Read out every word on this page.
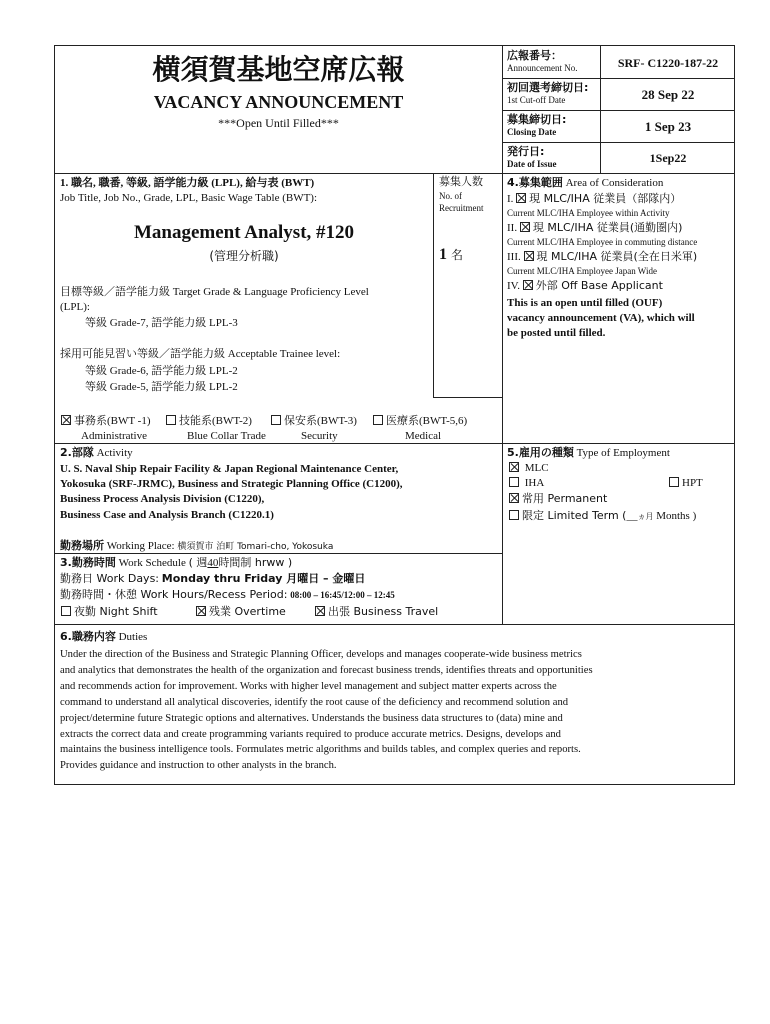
横須賀基地空席広報
VACANCY ANNOUNCEMENT
***Open Until Filled***
広報番号：
Announcement No.	SRF- C1220-187-22
初回選考締切日:
1st Cut-off Date	28 Sep 22
募集締切日:
Closing Date	1 Sep 23
発行日:
Date of Issue	1Sep22
1. 職名, 職番, 等級, 語学能力級 (LPL), 給与表 (BWT)
Job Title, Job No., Grade, LPL, Basic Wage Table (BWT):
Management Analyst, #120
(管理分析職)
目標等級／語学能力級 Target Grade & Language Proficiency Level
(LPL):
等級 Grade-7, 語学能力級 LPL-3
採用可能見習い等級／語学能力級 Acceptable Trainee level:
等級 Grade-6, 語学能力級 LPL-2
等級 Grade-5, 語学能力級 LPL-2
募集人数
No. of
Recruitment
1 名
事務系(BWT -1)	技能系(BWT-2)	保安系(BWT-3)	医療系(BWT-5,6)
Administrative	Blue Collar Trade	Security	Medical
4.募集範囲 Area of Consideration
I. 現 MLC/IHA 従業員（部隊内）
Current MLC/IHA Employee within Activity
II. 現 MLC/IHA 従業員(通勤圏内)
Current MLC/IHA Employee in commuting distance
III. 現 MLC/IHA 従業員(全在日米軍)
Current MLC/IHA Employee Japan Wide
IV. 外部 Off Base Applicant
This is an open until filled (OUF)
vacancy announcement (VA), which will
be posted until filled.
2.部隊 Activity
U. S. Naval Ship Repair Facility & Japan Regional Maintenance Center,
Yokosuka (SRF-JRMC), Business and Strategic Planning Office (C1200),
Business Process Analysis Division (C1220),
Business Case and Analysis Branch (C1220.1)
勤務場所 Working Place: 横須賀市 泊町 Tomari-cho, Yokosuka
5.雇用の種類 Type of Employment
MLC
IHA	HPT
常用 Permanent
限定 Limited Term (__ヵ月 Months )
3.勤務時間 Work Schedule ( 週40時間制 hrww )
勤務日 Work Days: Monday thru Friday 月曜日 – 金曜日
勤務時間・休憩 Work Hours/Recess Period: 08:00 – 16:45/12:00 – 12:45
夜勤 Night Shift	残業 Overtime	出張 Business Travel
6.職務内容 Duties
Under the direction of the Business and Strategic Planning Officer, develops and manages cooperate-wide business metrics
and analytics that demonstrates the health of the organization and forecast business trends, identifies threats and opportunities
and recommends action for improvement. Works with higher level management and subject matter experts across the
command to understand all analytical discoveries, identify the root cause of the deficiency and recommend solution and
project/determine future Strategic options and alternatives. Understands the business data structures to (data) mine and
extracts the correct data and create programming variants required to produce accurate metrics. Designs, develops and
maintains the business intelligence tools. Formulates metric algorithms and builds tables, and complex queries and reports.
Provides guidance and instruction to other analysts in the branch.
